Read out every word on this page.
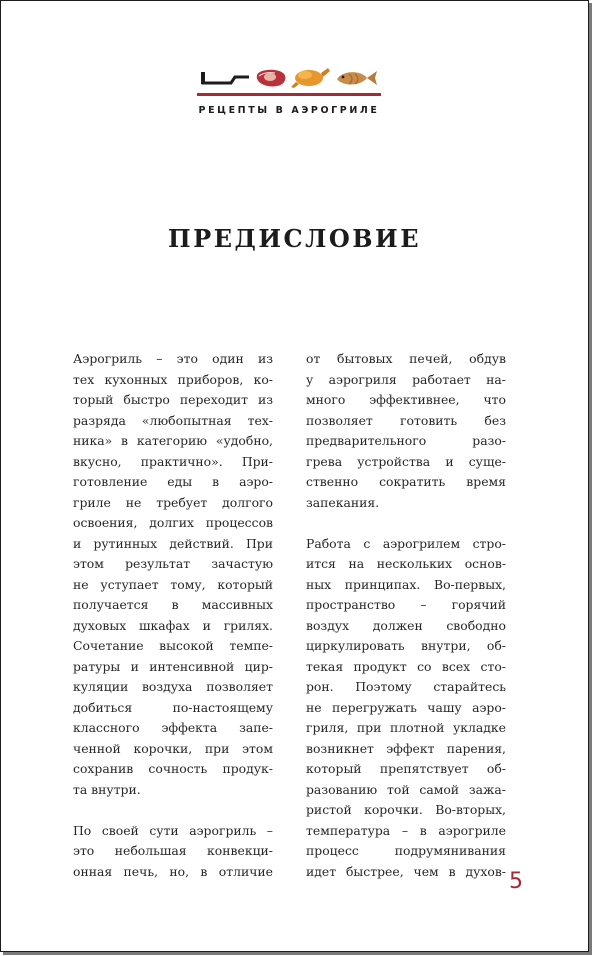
РЕЦЕПТЫ В АЭРОГРИЛЕ
ПРЕДИСЛОВИЕ
Аэрогриль – это один из
тех кухонных приборов, ко-
торый быстро переходит из
разряда «любопытная тех-
ника» в категорию «удобно,
вкусно, практично». При-
готовление еды в аэро-
гриле не требует долгого
освоения, долгих процессов
и рутинных действий. При
этом результат зачастую
не уступает тому, который
получается в массивных
духовых шкафах и грилях.
Сочетание высокой темпе-
ратуры и интенсивной цир-
куляции воздуха позволяет
добиться по-настоящему
классного эффекта запе-
ченной корочки, при этом
сохранив сочность продук-
та внутри.
По своей сути аэрогриль –
это небольшая конвекци-
онная печь, но, в отличие
от бытовых печей, обдув
у аэрогриля работает на-
много эффективнее, что
позволяет готовить без
предварительного разо-
грева устройства и суще-
ственно сократить время
запекания.
Работа с аэрогрилем стро-
ится на нескольких основ-
ных принципах. Во-первых,
пространство – горячий
воздух должен свободно
циркулировать внутри, об-
текая продукт со всех сто-
рон. Поэтому старайтесь
не перегружать чашу аэро-
гриля, при плотной укладке
возникнет эффект парения,
который препятствует об-
разованию той самой зажа-
ристой корочки. Во-вторых,
температура – в аэрогриле
процесс подрумянивания
идет быстрее, чем в духов- 5
